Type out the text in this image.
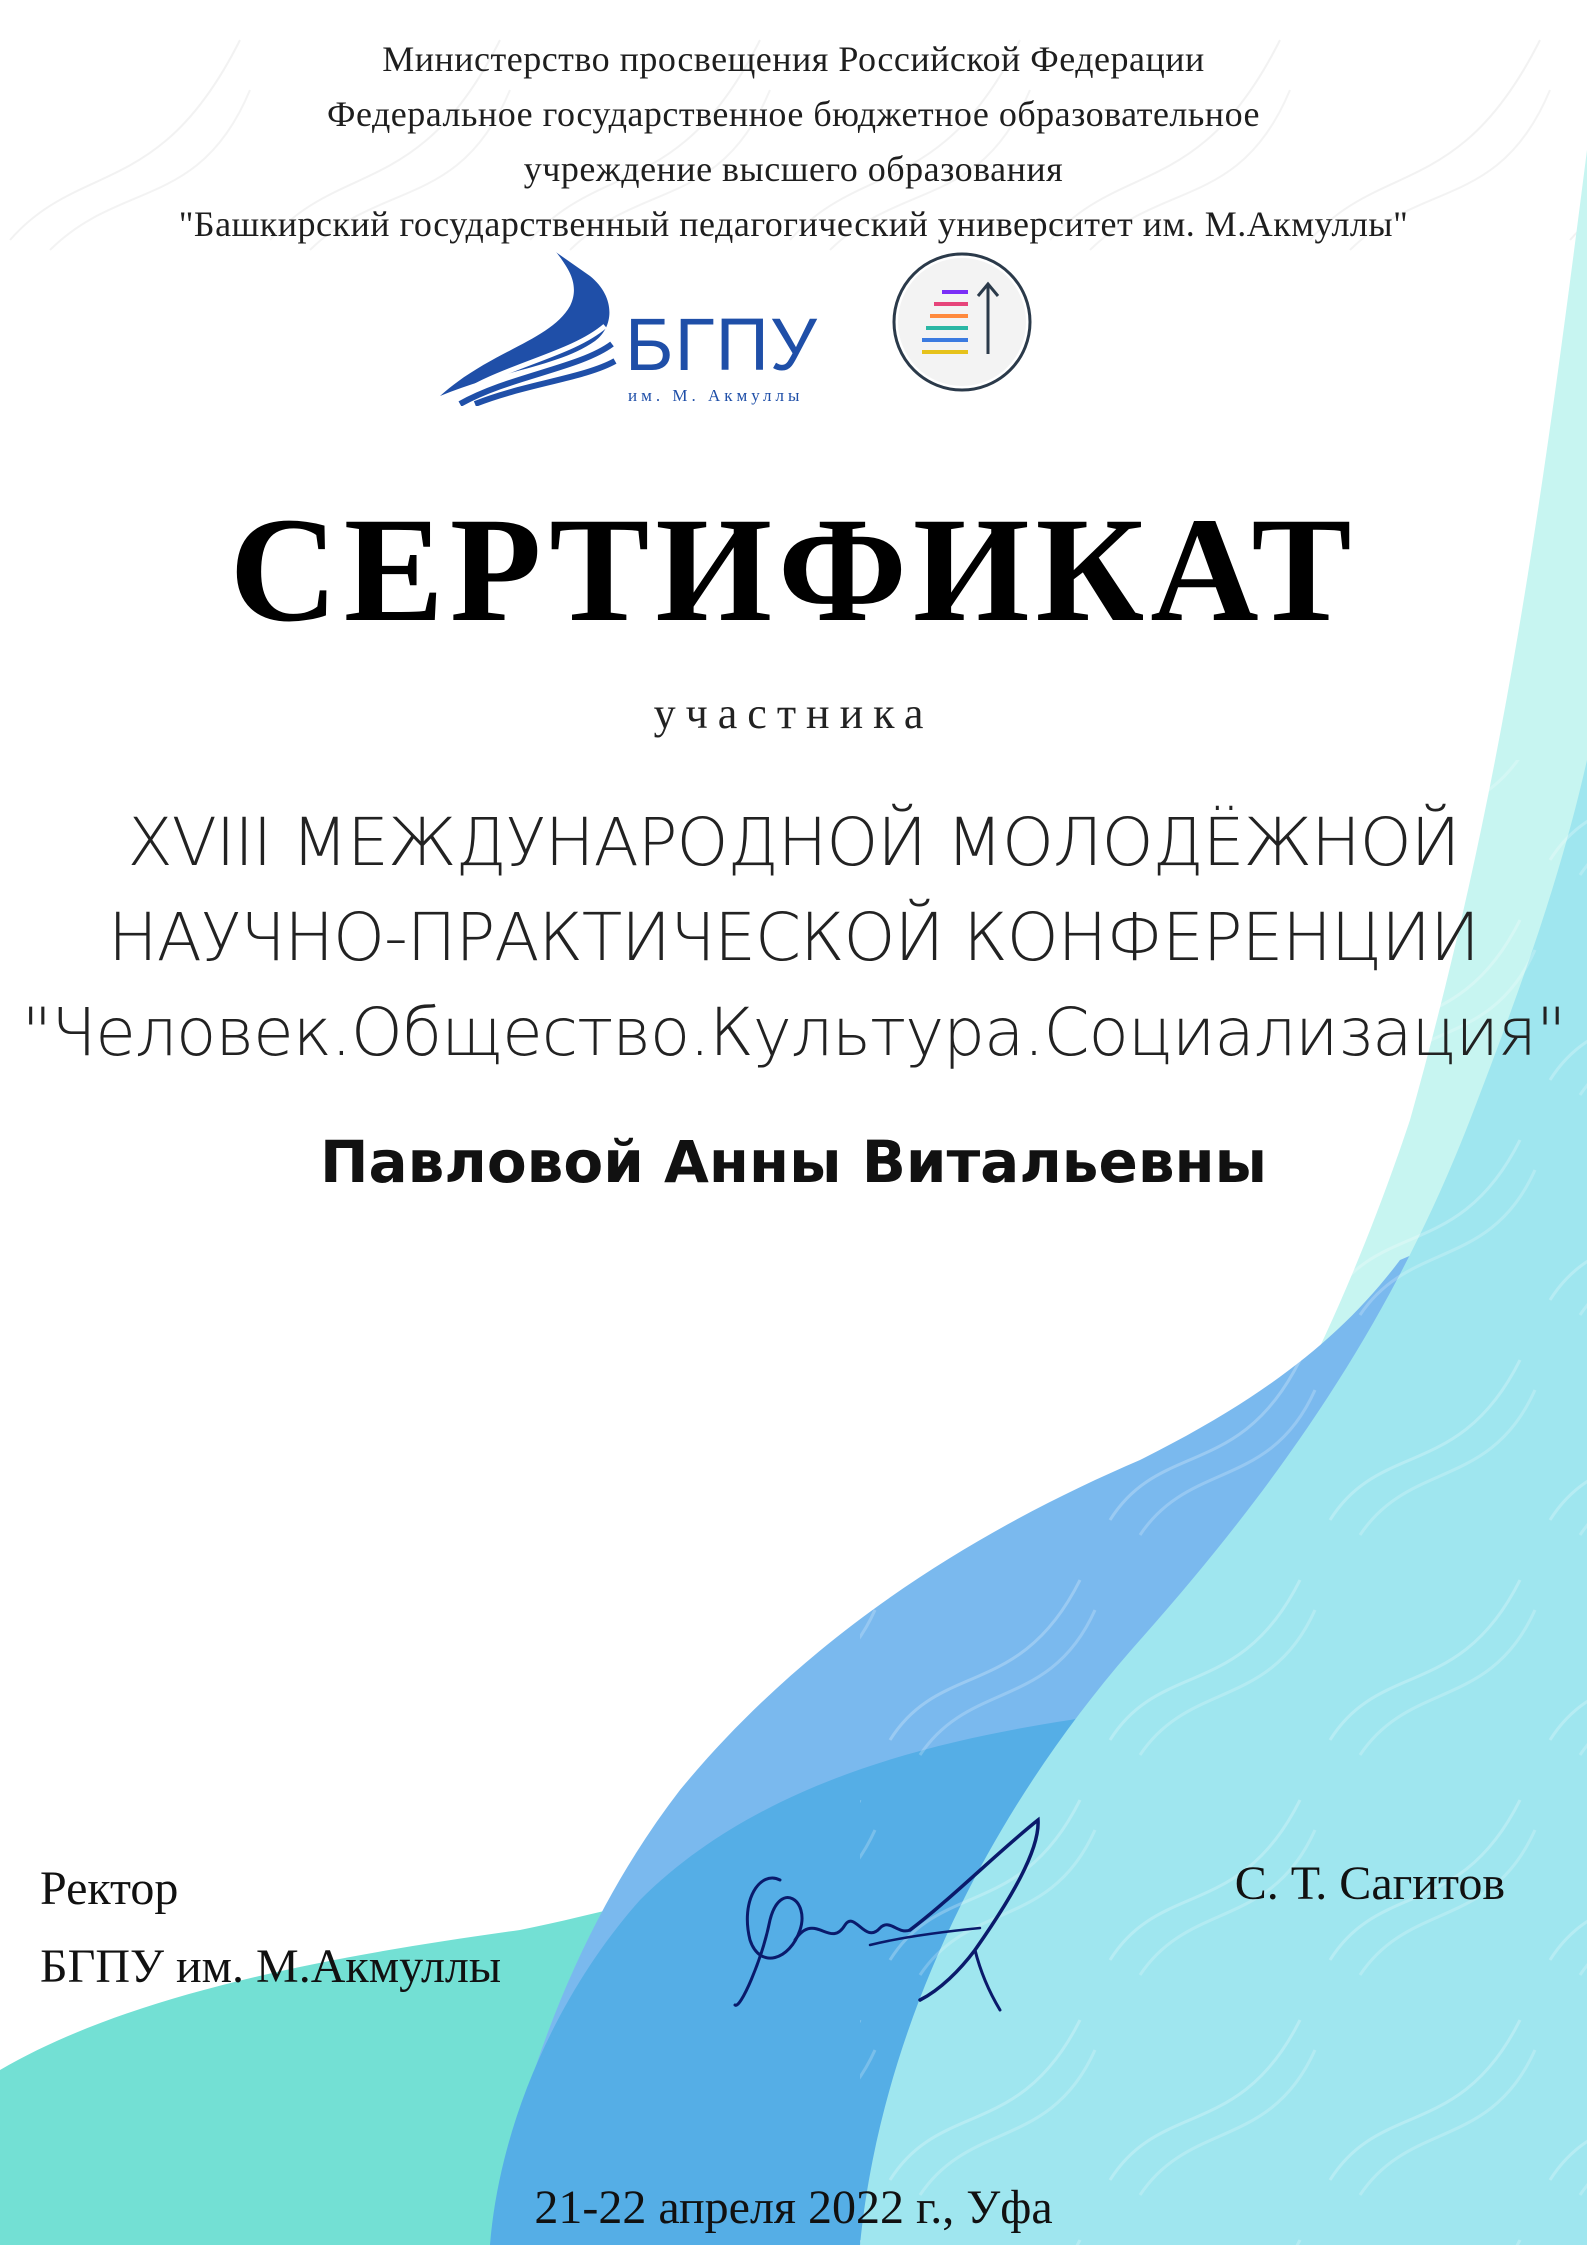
Министерство просвещения Российской Федерации
Федеральное государственное бюджетное образовательное
учреждение высшего образования
"Башкирский государственный педагогический университет им. М.Акмуллы"
БГПУ
им. М. Акмуллы
СЕРТИФИКАТ
участника
XVIII МЕЖДУНАРОДНОЙ МОЛОДЁЖНОЙ
НАУЧНО-ПРАКТИЧЕСКОЙ КОНФЕРЕНЦИИ
"Человек.Общество.Культура.Социализация"
Павловой Анны Витальевны
Ректор
БГПУ им. М.Акмуллы
С. Т. Сагитов
21-22 апреля 2022 г., Уфа
